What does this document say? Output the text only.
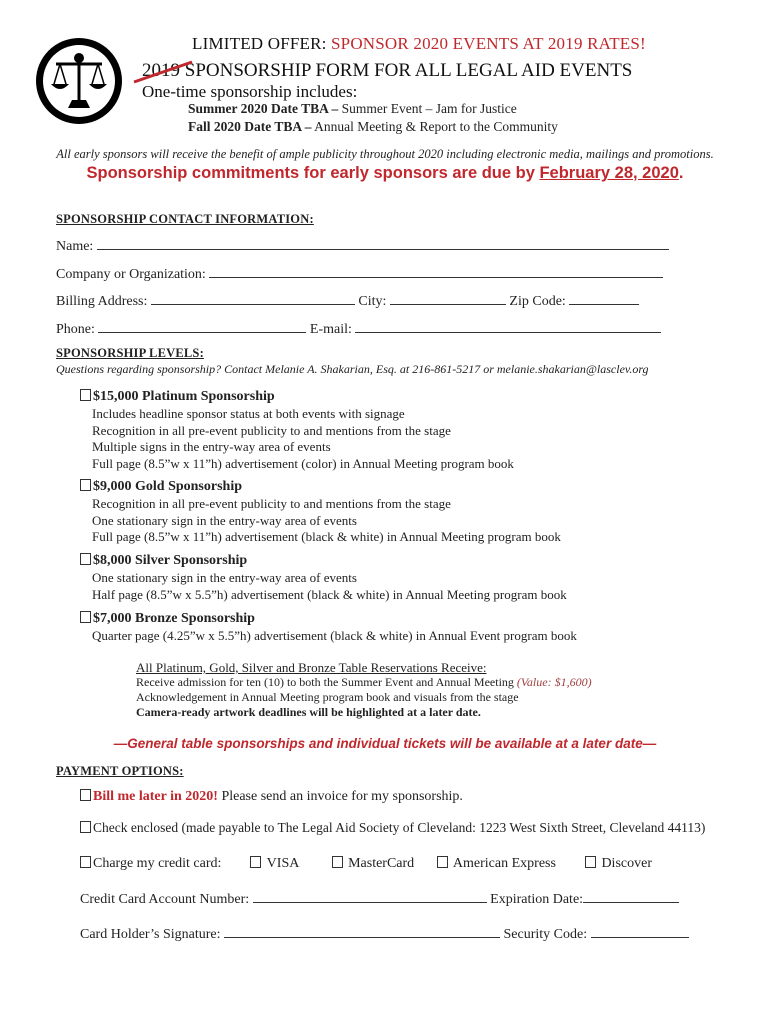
LIMITED OFFER: SPONSOR 2020 EVENTS AT 2019 RATES!
2019 SPONSORSHIP FORM FOR ALL LEGAL AID EVENTS
One-time sponsorship includes:
Summer 2020 Date TBA – Summer Event – Jam for Justice
Fall 2020 Date TBA – Annual Meeting & Report to the Community
All early sponsors will receive the benefit of ample publicity throughout 2020 including electronic media, mailings and promotions.
Sponsorship commitments for early sponsors are due by February 28, 2020.
SPONSORSHIP CONTACT INFORMATION:
Name:
Company or Organization:
Billing Address:	City:	Zip Code:
Phone:	E-mail:
SPONSORSHIP LEVELS:
Questions regarding sponsorship? Contact Melanie A. Shakarian, Esq. at 216-861-5217 or melanie.shakarian@lasclev.org
$15,000 Platinum Sponsorship
Includes headline sponsor status at both events with signage
Recognition in all pre-event publicity to and mentions from the stage
Multiple signs in the entry-way area of events
Full page (8.5”w x 11”h) advertisement (color) in Annual Meeting program book
$9,000 Gold Sponsorship
Recognition in all pre-event publicity to and mentions from the stage
One stationary sign in the entry-way area of events
Full page (8.5”w x 11”h) advertisement (black & white) in Annual Meeting program book
$8,000 Silver Sponsorship
One stationary sign in the entry-way area of events
Half page (8.5”w x 5.5”h) advertisement (black & white) in Annual Meeting program book
$7,000 Bronze Sponsorship
Quarter page (4.25”w x 5.5”h) advertisement (black & white) in Annual Event program book
All Platinum, Gold, Silver and Bronze Table Reservations Receive:
Receive admission for ten (10) to both the Summer Event and Annual Meeting (Value: $1,600)
Acknowledgement in Annual Meeting program book and visuals from the stage
Camera-ready artwork deadlines will be highlighted at a later date.
—General table sponsorships and individual tickets will be available at a later date—
PAYMENT OPTIONS:
Bill me later in 2020! Please send an invoice for my sponsorship.
Check enclosed (made payable to The Legal Aid Society of Cleveland: 1223 West Sixth Street, Cleveland 44113)
Charge my credit card:	VISA	MasterCard	American Express	Discover
Credit Card Account Number:	Expiration Date:
Card Holder’s Signature:	Security Code:
